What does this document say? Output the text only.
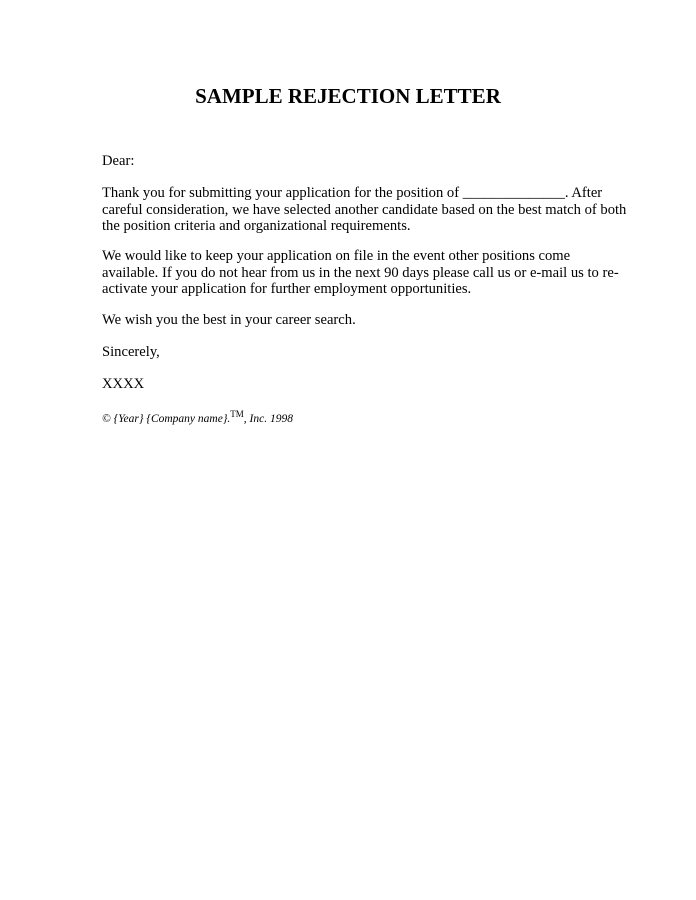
SAMPLE REJECTION LETTER
Dear:
Thank you for submitting your application for the position of ______________. After
careful consideration, we have selected another candidate based on the best match of both
the position criteria and organizational requirements.
We would like to keep your application on file in the event other positions come
available. If you do not hear from us in the next 90 days please call us or e-mail us to re-
activate your application for further employment opportunities.
We wish you the best in your career search.
Sincerely,
XXXX
© {Year} {Company name}.™, Inc. 1998
